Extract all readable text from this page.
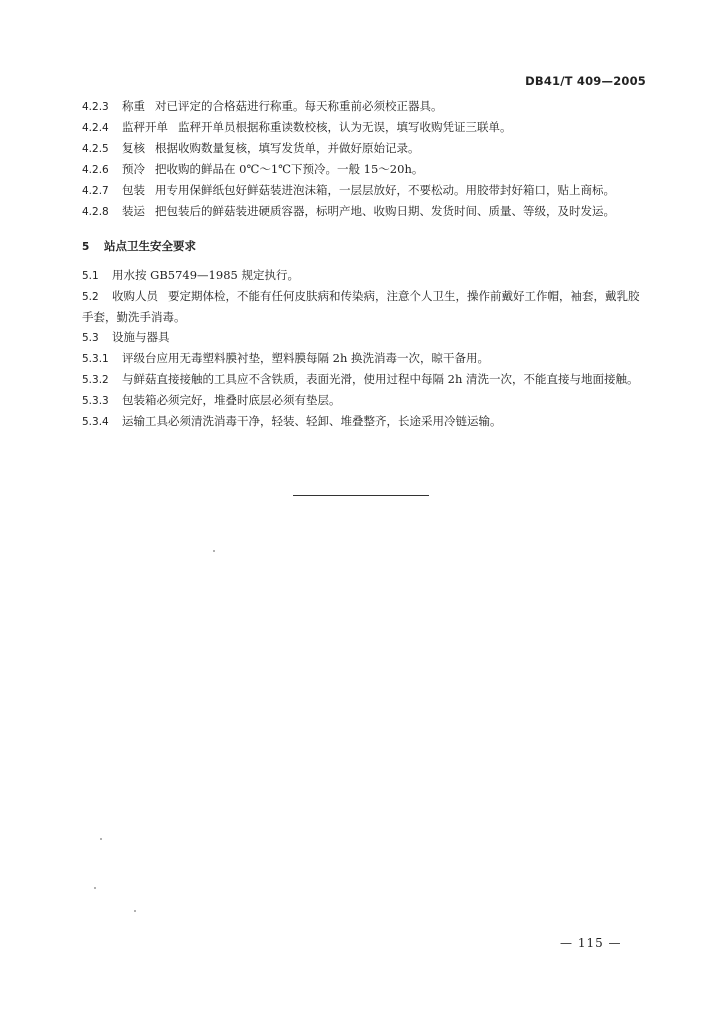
DB41/T 409—2005
4.2.3 称重 对已评定的合格菇进行称重。每天称重前必须校正器具。
4.2.4 监秤开单 监秤开单员根据称重读数校核，认为无误，填写收购凭证三联单。
4.2.5 复核 根据收购数量复核，填写发货单，并做好原始记录。
4.2.6 预冷 把收购的鲜品在 0℃～1℃下预冷。一般 15～20h。
4.2.7 包装 用专用保鲜纸包好鲜菇装进泡沫箱，一层层放好，不要松动。用胶带封好箱口，贴上商标。
4.2.8 装运 把包装后的鲜菇装进硬质容器，标明产地、收购日期、发货时间、质量、等级，及时发运。
5 站点卫生安全要求
5.1 用水按 GB5749—1985 规定执行。
5.2 收购人员 要定期体检，不能有任何皮肤病和传染病，注意个人卫生，操作前戴好工作帽，袖套，戴乳胶手套，勤洗手消毒。
5.3 设施与器具
5.3.1 评级台应用无毒塑料膜衬垫，塑料膜每隔 2h 换洗消毒一次，晾干备用。
5.3.2 与鲜菇直接接触的工具应不含铁质，表面光滑，使用过程中每隔 2h 清洗一次，不能直接与地面接触。
5.3.3 包装箱必须完好，堆叠时底层必须有垫层。
5.3.4 运输工具必须清洗消毒干净，轻装、轻卸、堆叠整齐，长途采用冷链运输。
— 115 —
